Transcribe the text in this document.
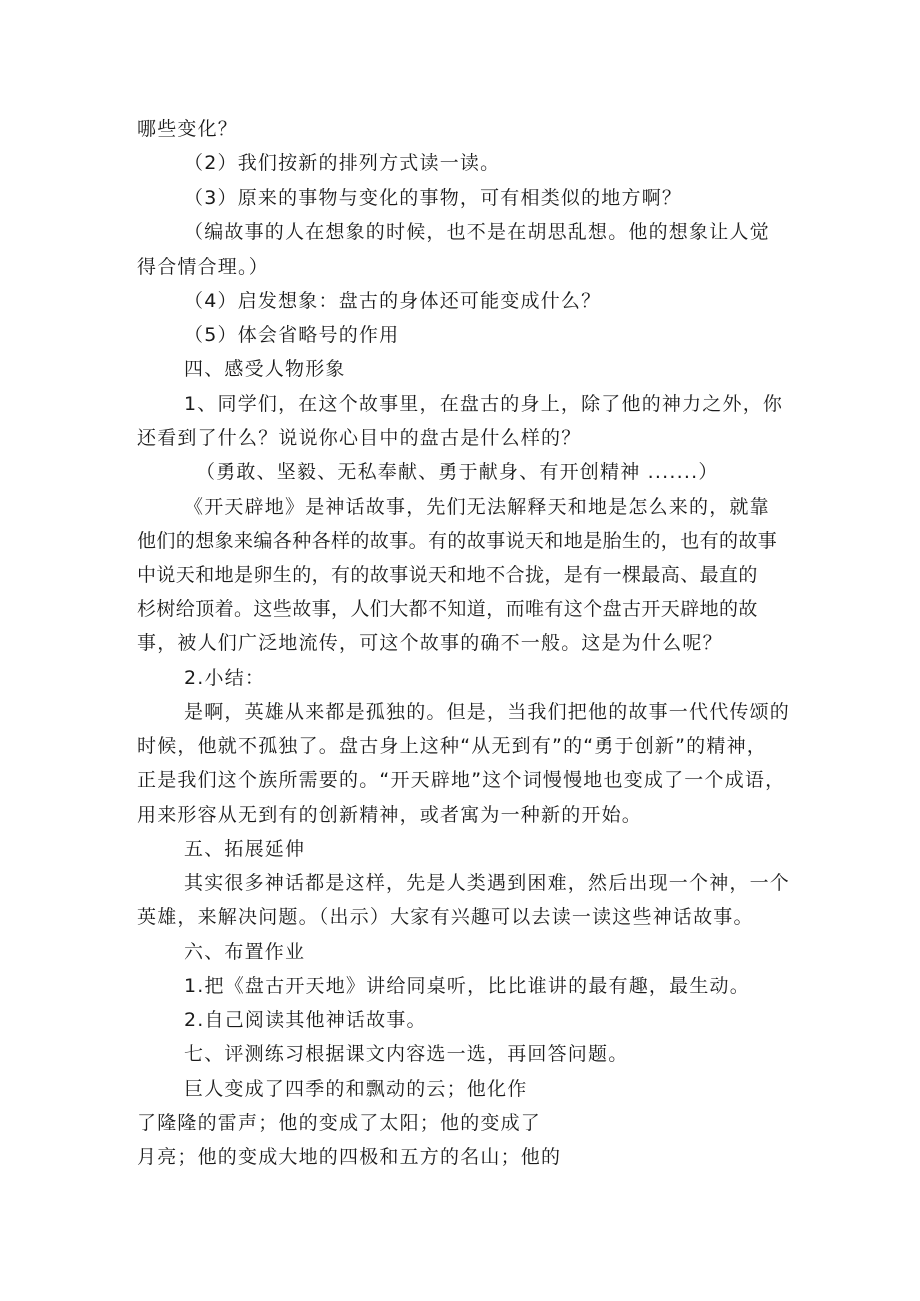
哪些变化？
（2）我们按新的排列方式读一读。
（3）原来的事物与变化的事物，可有相类似的地方啊？
（编故事的人在想象的时候，也不是在胡思乱想。他的想象让人觉
得合情合理。）
（4）启发想象：盘古的身体还可能变成什么？
（5）体会省略号的作用
四、感受人物形象
1、同学们，在这个故事里，在盘古的身上，除了他的神力之外，你
还看到了什么？说说你心目中的盘古是什么样的？
（勇敢、坚毅、无私奉献、勇于献身、有开创精神 .......）
《开天辟地》是神话故事，先们无法解释天和地是怎么来的，就靠
他们的想象来编各种各样的故事。有的故事说天和地是胎生的，也有的故事
中说天和地是卵生的，有的故事说天和地不合拢，是有一棵最高、最直的
杉树给顶着。这些故事，人们大都不知道，而唯有这个盘古开天辟地的故
事，被人们广泛地流传，可这个故事的确不一般。这是为什么呢？
2.小结：
是啊，英雄从来都是孤独的。但是，当我们把他的故事一代代传颂的
时候，他就不孤独了。盘古身上这种“从无到有”的“勇于创新”的精神，
正是我们这个族所需要的。“开天辟地”这个词慢慢地也变成了一个成语，
用来形容从无到有的创新精神，或者寓为一种新的开始。
五、拓展延伸
其实很多神话都是这样，先是人类遇到困难，然后出现一个神，一个
英雄，来解决问题。（出示）大家有兴趣可以去读一读这些神话故事。
六、布置作业
1.把《盘古开天地》讲给同桌听，比比谁讲的最有趣，最生动。
2.自己阅读其他神话故事。
七、评测练习根据课文内容选一选，再回答问题。
巨人变成了四季的和飘动的云；他化作
了隆隆的雷声；他的变成了太阳；他的变成了
月亮；他的变成大地的四极和五方的名山；他的
